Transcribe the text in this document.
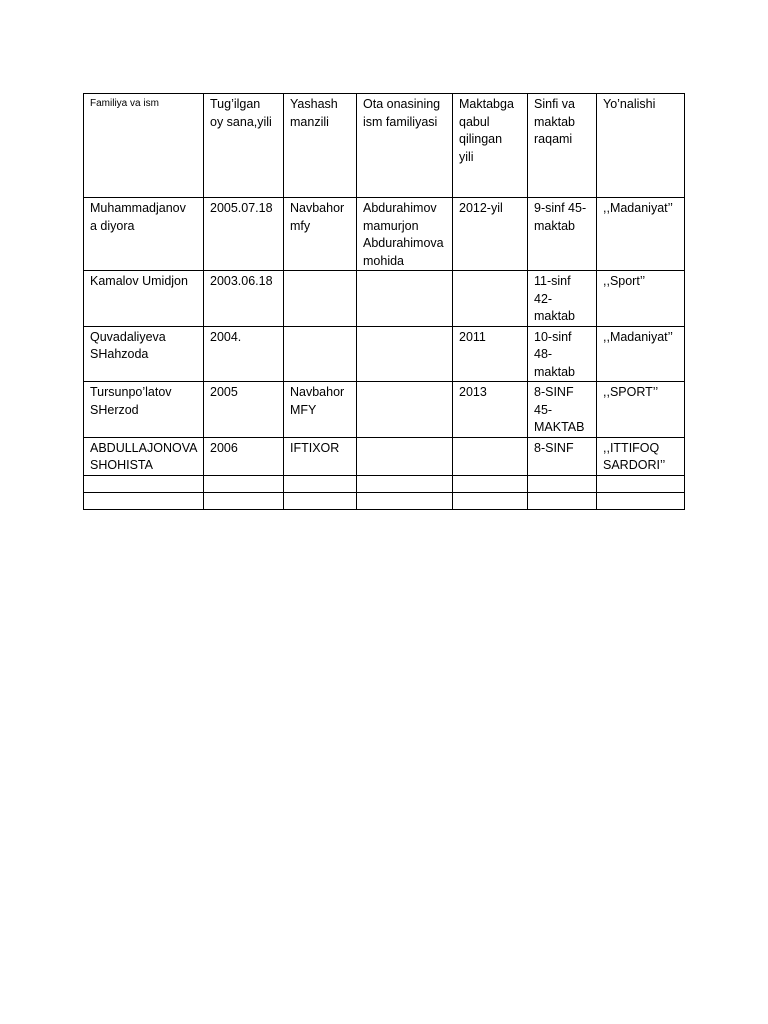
Familiya va ism	Tug’ilgan
oy sana,yili	Yashash
manzili	Ota onasining
ism familiyasi	Maktabga
qabul
qilingan
yili	Sinfi va
maktab
raqami	Yo’nalishi

Muhammadjanov
a diyora	2005.07.18	Navbahor
mfy	Abdurahimov
mamurjon
Abdurahimova
mohida	2012-yil	9-sinf 45-
maktab	,,Madaniyat’’

Kamalov Umidjon	2003.06.18				11-sinf
42-
maktab	,,Sport’’

Quvadaliyeva
SHahzoda	2004.			2011	10-sinf
48-
maktab	,,Madaniyat’’

Tursunpo’latov
SHerzod	2005	Navbahor
MFY		2013	8-SINF
45-
MAKTAB	,,SPORT’’

ABDULLAJONOVA
SHOHISTA	2006	IFTIXOR			8-SINF	,,ITTIFOQ
SARDORI’’
